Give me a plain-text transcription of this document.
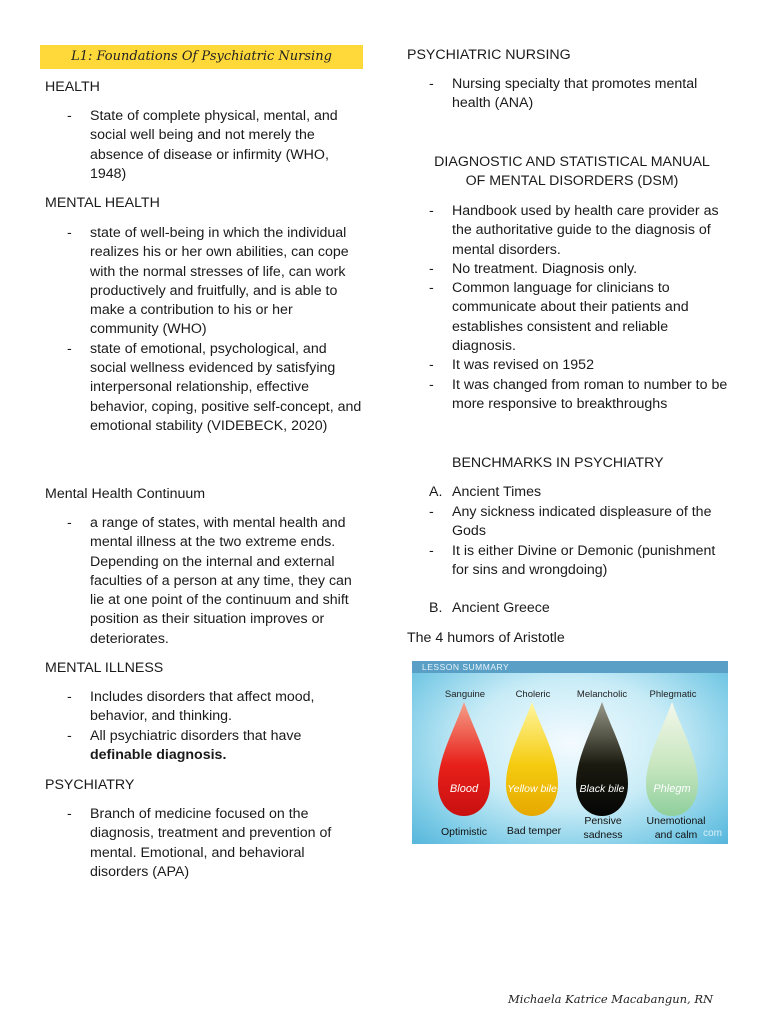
L1: Foundations Of Psychiatric Nursing
HEALTH
- State of complete physical, mental, and social well being and not merely the absence of disease or infirmity (WHO, 1948)
MENTAL HEALTH
- state of well-being in which the individual realizes his or her own abilities, can cope with the normal stresses of life, can work productively and fruitfully, and is able to make a contribution to his or her community (WHO)
- state of emotional, psychological, and social wellness evidenced by satisfying interpersonal relationship, effective behavior, coping, positive self-concept, and emotional stability (VIDEBECK, 2020)
Mental Health Continuum
- a range of states, with mental health and mental illness at the two extreme ends. Depending on the internal and external faculties of a person at any time, they can lie at one point of the continuum and shift position as their situation improves or deteriorates.
MENTAL ILLNESS
- Includes disorders that affect mood, behavior, and thinking.
- All psychiatric disorders that have definable diagnosis.
PSYCHIATRY
- Branch of medicine focused on the diagnosis, treatment and prevention of mental. Emotional, and behavioral disorders (APA)
PSYCHIATRIC NURSING
- Nursing specialty that promotes mental health (ANA)
DIAGNOSTIC AND STATISTICAL MANUAL
OF MENTAL DISORDERS (DSM)
- Handbook used by health care provider as the authoritative guide to the diagnosis of mental disorders.
- No treatment. Diagnosis only.
- Common language for clinicians to communicate about their patients and establishes consistent and reliable diagnosis.
- It was revised on 1952
- It was changed from roman to number to be more responsive to breakthroughs
BENCHMARKS IN PSYCHIATRY
A. Ancient Times
- Any sickness indicated displeasure of the Gods
- It is either Divine or Demonic (punishment for sins and wrongdoing)
B. Ancient Greece
The 4 humors of Aristotle
LESSON SUMMARY
com
Sanguine	Choleric	Melancholic	Phlegmatic
Blood	Yellow bile	Black bile	Phlegm
Optimistic	Bad temper
Pensive
sadness
Unemotional
and calm
Michaela Katrice Macabangun, RN
